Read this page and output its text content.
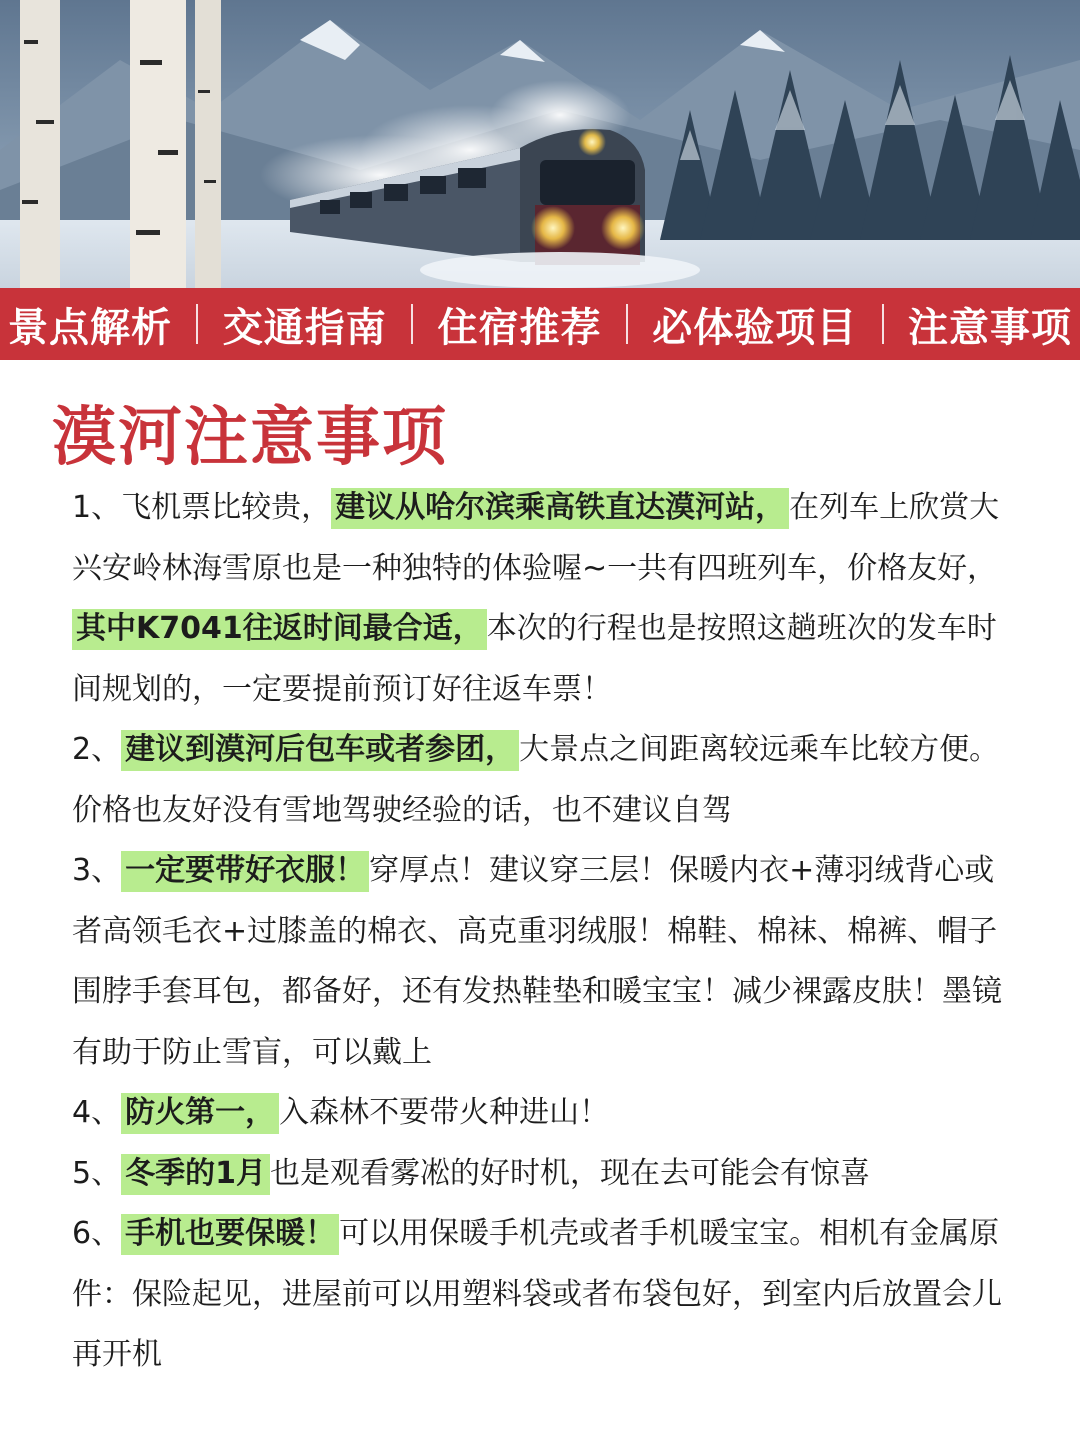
景点解析 交通指南 住宿推荐 必体验项目 注意事项
漠河注意事项

1、飞机票比较贵， 建议从哈尔滨乘高铁直达漠河站， 在列车上欣赏大兴安岭林海雪原也是一种独特的体验喔~一共有四班列车，价格友好，其中K7041往返时间最合适， 本次的行程也是按照这趟班次的发车时间规划的，一定要提前预订好往返车票！

2、 建议到漠河后包车或者参团， 大景点之间距离较远乘车比较方便。价格也友好没有雪地驾驶经验的话，也不建议自驾

3、 一定要带好衣服！ 穿厚点！建议穿三层！保暖内衣+薄羽绒背心或者高领毛衣+过膝盖的棉衣、高克重羽绒服！棉鞋、棉袜、棉裤、帽子围脖手套耳包，都备好，还有发热鞋垫和暖宝宝！减少裸露皮肤！墨镜有助于防止雪盲，可以戴上

4、 防火第一， 入森林不要带火种进山！

5、 冬季的1月 也是观看雾凇的好时机，现在去可能会有惊喜

6、 手机也要保暖！ 可以用保暖手机壳或者手机暖宝宝。相机有金属原件：保险起见，进屋前可以用塑料袋或者布袋包好，到室内后放置会儿再开机
